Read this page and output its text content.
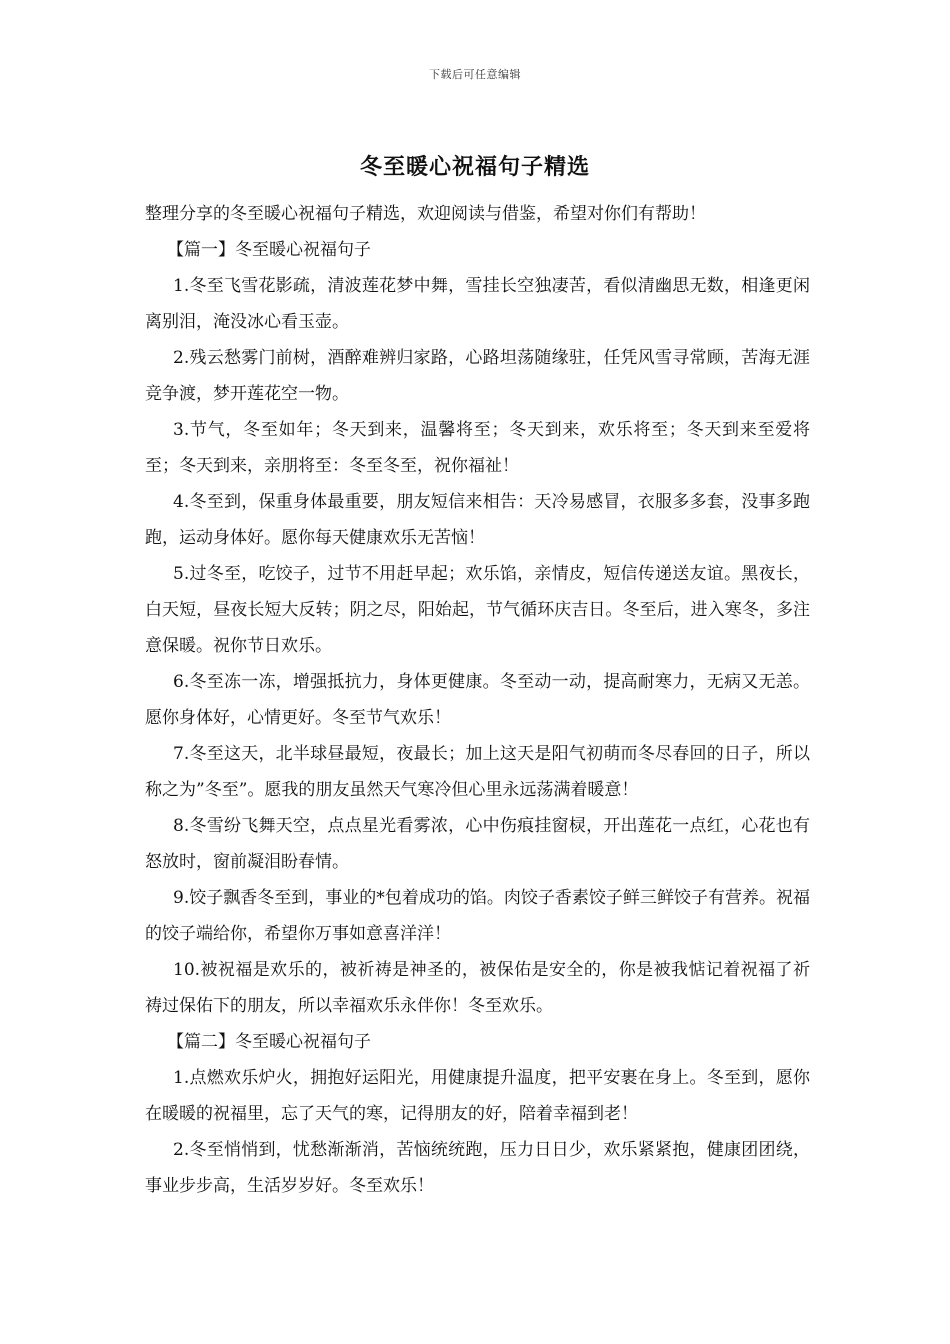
下载后可任意编辑
冬至暖心祝福句子精选

整理分享的冬至暖心祝福句子精选，欢迎阅读与借鉴，希望对你们有帮助！

【篇一】冬至暖心祝福句子

1.冬至飞雪花影疏，清波莲花梦中舞，雪挂长空独凄苦，看似清幽思无数，相逢更闲离别泪，淹没冰心看玉壶。

2.残云愁雾门前树，酒醉难辨归家路，心路坦荡随缘驻，任凭风雪寻常顾，苦海无涯竞争渡，梦开莲花空一物。

3.节气，冬至如年；冬天到来，温馨将至；冬天到来，欢乐将至；冬天到来至爱将至；冬天到来，亲朋将至：冬至冬至，祝你福祉！

4.冬至到，保重身体最重要，朋友短信来相告：天冷易感冒，衣服多多套，没事多跑跑，运动身体好。愿你每天健康欢乐无苦恼！

5.过冬至，吃饺子，过节不用赶早起；欢乐馅，亲情皮，短信传递送友谊。黑夜长，白天短，昼夜长短大反转；阴之尽，阳始起，节气循环庆吉日。冬至后，进入寒冬，多注意保暖。祝你节日欢乐。

6.冬至冻一冻，增强抵抗力，身体更健康。冬至动一动，提高耐寒力，无病又无恙。愿你身体好，心情更好。冬至节气欢乐！

7.冬至这天，北半球昼最短，夜最长；加上这天是阳气初萌而冬尽春回的日子，所以称之为”冬至”。愿我的朋友虽然天气寒冷但心里永远荡满着暖意！

8.冬雪纷飞舞天空，点点星光看雾浓，心中伤痕挂窗棂，开出莲花一点红，心花也有怒放时，窗前凝泪盼春情。

9.饺子飘香冬至到，事业的*包着成功的馅。肉饺子香素饺子鲜三鲜饺子有营养。祝福的饺子端给你，希望你万事如意喜洋洋！

10.被祝福是欢乐的，被祈祷是神圣的，被保佑是安全的，你是被我惦记着祝福了祈祷过保佑下的朋友，所以幸福欢乐永伴你！冬至欢乐。

【篇二】冬至暖心祝福句子

1.点燃欢乐炉火，拥抱好运阳光，用健康提升温度，把平安裹在身上。冬至到，愿你在暖暖的祝福里，忘了天气的寒，记得朋友的好，陪着幸福到老！

2.冬至悄悄到，忧愁渐渐消，苦恼统统跑，压力日日少，欢乐紧紧抱，健康团团绕，事业步步高，生活岁岁好。冬至欢乐！
